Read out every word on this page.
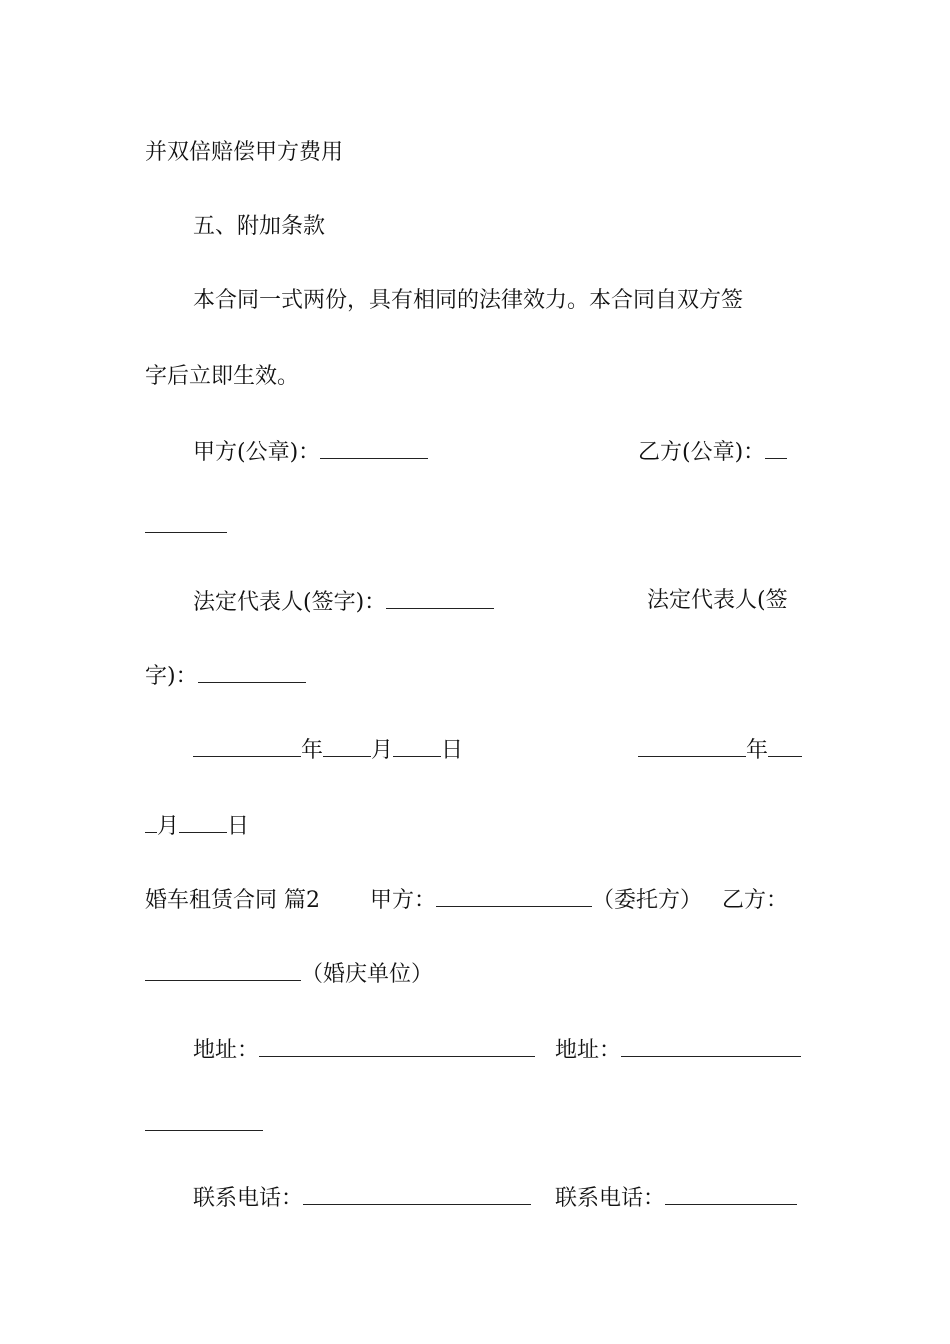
并双倍赔偿甲方费用
五、附加条款
本合同一式两份，具有相同的法律效力。本合同自双方签
字后立即生效。
甲方(公章)：	乙方(公章)：
法定代表人(签字)：	法定代表人(签
字)：
年 月 日	年
月 日
婚车租赁合同 篇2 甲方：	（委托方） 乙方：
（婚庆单位）
地址：	地址：
联系电话：	联系电话：
